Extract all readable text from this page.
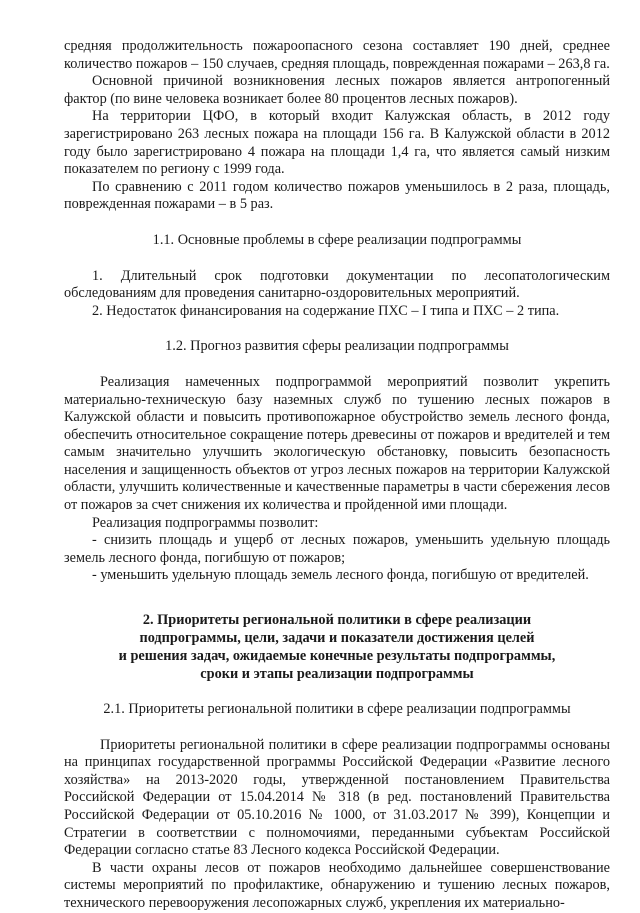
средняя продолжительность пожароопасного сезона составляет 190 дней, среднее количество пожаров – 150 случаев, средняя площадь, поврежденная пожарами – 263,8 га.

Основной причиной возникновения лесных пожаров является антропогенный фактор (по вине человека возникает более 80 процентов лесных пожаров).

На территории ЦФО, в который входит Калужская область, в 2012 году зарегистрировано 263 лесных пожара на площади 156 га. В Калужской области в 2012 году было зарегистрировано 4 пожара на площади 1,4 га, что является самый низким показателем по региону с 1999 года.

По сравнению с 2011 годом количество пожаров уменьшилось в 2 раза, площадь, поврежденная пожарами – в 5 раз.

1.1. Основные проблемы в сфере реализации подпрограммы

1. Длительный срок подготовки документации по лесопатологическим обследованиям для проведения санитарно-оздоровительных мероприятий.

2. Недостаток финансирования на содержание ПХС – I типа и ПХС – 2 типа.

1.2. Прогноз развития сферы реализации подпрограммы

Реализация намеченных подпрограммой мероприятий позволит укрепить материально-техническую базу наземных служб по тушению лесных пожаров в Калужской области и повысить противопожарное обустройство земель лесного фонда, обеспечить относительное сокращение потерь древесины от пожаров и вредителей и тем самым значительно улучшить экологическую обстановку, повысить безопасность населения и защищенность объектов от угроз лесных пожаров на территории Калужской области, улучшить количественные и качественные параметры в части сбережения лесов от пожаров за счет снижения их количества и пройденной ими площади.

Реализация подпрограммы позволит:

- снизить площадь и ущерб от лесных пожаров, уменьшить удельную площадь земель лесного фонда, погибшую от пожаров;

- уменьшить удельную площадь земель лесного фонда, погибшую от вредителей.

2. Приоритеты региональной политики в сфере реализации

подпрограммы, цели, задачи и показатели достижения целей

и решения задач, ожидаемые конечные результаты подпрограммы,

сроки и этапы реализации подпрограммы

2.1. Приоритеты региональной политики в сфере реализации подпрограммы

Приоритеты региональной политики в сфере реализации подпрограммы основаны на принципах государственной программы Российской Федерации «Развитие лесного хозяйства» на 2013-2020 годы, утвержденной постановлением Правительства Российской Федерации от 15.04.2014 № 318 (в ред. постановлений Правительства Российской Федерации от 05.10.2016 № 1000, от 31.03.2017 № 399), Концепции и Стратегии в соответствии с полномочиями, переданными субъектам Российской Федерации согласно статье 83 Лесного кодекса Российской Федерации.

В части охраны лесов от пожаров необходимо дальнейшее совершенствование системы мероприятий по профилактике, обнаружению и тушению лесных пожаров, технического перевооружения лесопожарных служб, укрепления их материально-
